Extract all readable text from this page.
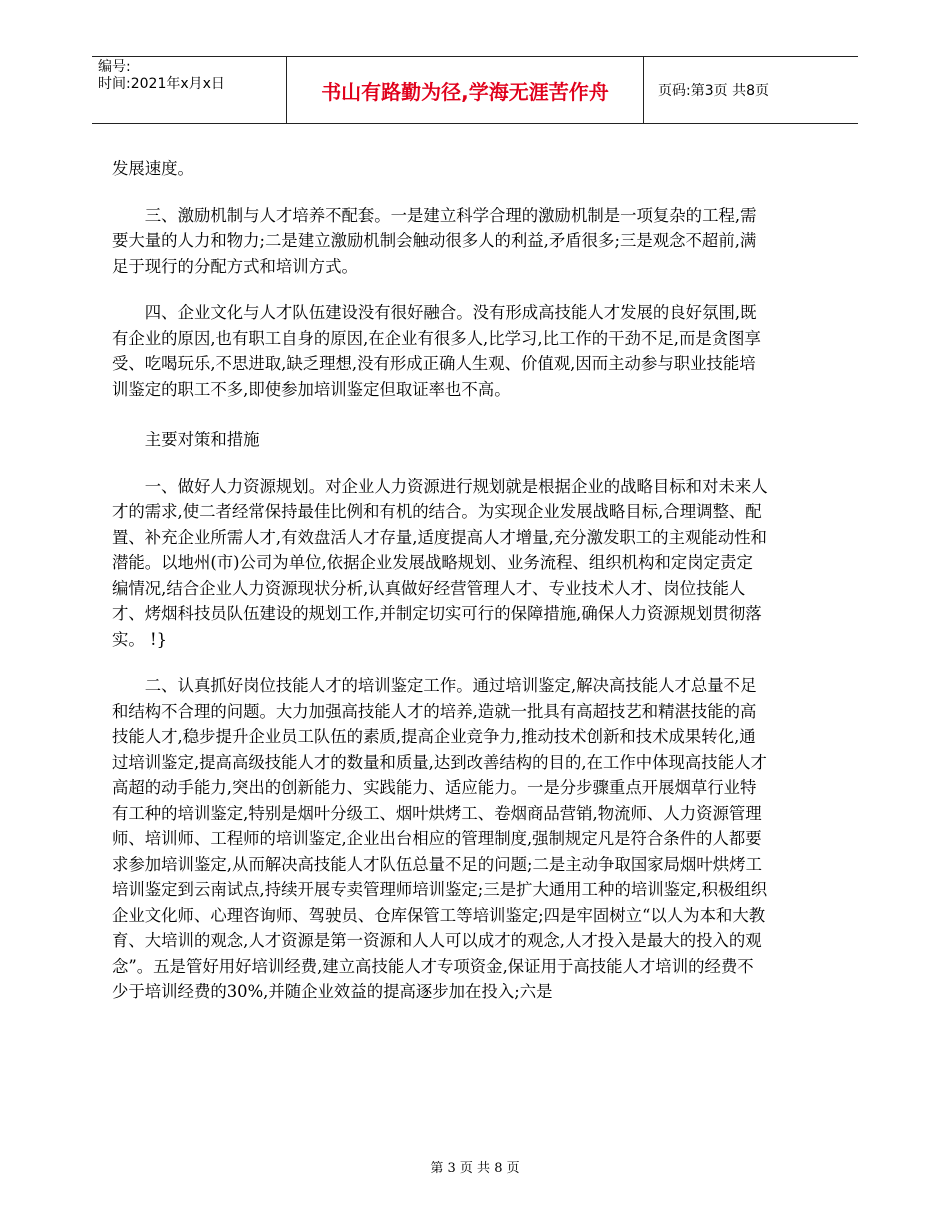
编号:
时间:2021年x月x日	书山有路勤为径,学海无涯苦作舟	页码:第3页 共8页

发展速度。

三、激励机制与人才培养不配套。一是建立科学合理的激励机制是一项复杂的工程,需要大量的人力和物力;二是建立激励机制会触动很多人的利益,矛盾很多;三是观念不超前,满足于现行的分配方式和培训方式。

四、企业文化与人才队伍建设没有很好融合。没有形成高技能人才发展的良好氛围,既有企业的原因,也有职工自身的原因,在企业有很多人,比学习,比工作的干劲不足,而是贪图享受、吃喝玩乐,不思进取,缺乏理想,没有形成正确人生观、价值观,因而主动参与职业技能培训鉴定的职工不多,即使参加培训鉴定但取证率也不高。

主要对策和措施

一、做好人力资源规划。对企业人力资源进行规划就是根据企业的战略目标和对未来人才的需求,使二者经常保持最佳比例和有机的结合。为实现企业发展战略目标,合理调整、配置、补充企业所需人才,有效盘活人才存量,适度提高人才增量,充分激发职工的主观能动性和潜能。以地州(市)公司为单位,依据企业发展战略规划、业务流程、组织机构和定岗定责定编情况,结合企业人力资源现状分析,认真做好经营管理人才、专业技术人才、岗位技能人才、烤烟科技员队伍建设的规划工作,并制定切实可行的保障措施,确保人力资源规划贯彻落实。 !}

二、认真抓好岗位技能人才的培训鉴定工作。通过培训鉴定,解决高技能人才总量不足和结构不合理的问题。大力加强高技能人才的培养,造就一批具有高超技艺和精湛技能的高技能人才,稳步提升企业员工队伍的素质,提高企业竞争力,推动技术创新和技术成果转化,通过培训鉴定,提高高级技能人才的数量和质量,达到改善结构的目的,在工作中体现高技能人才高超的动手能力,突出的创新能力、实践能力、适应能力。一是分步骤重点开展烟草行业特有工种的培训鉴定,特别是烟叶分级工、烟叶烘烤工、卷烟商品营销,物流师、人力资源管理师、培训师、工程师的培训鉴定,企业出台相应的管理制度,强制规定凡是符合条件的人都要求参加培训鉴定,从而解决高技能人才队伍总量不足的问题;二是主动争取国家局烟叶烘烤工培训鉴定到云南试点,持续开展专卖管理师培训鉴定;三是扩大通用工种的培训鉴定,积极组织企业文化师、心理咨询师、驾驶员、仓库保管工等培训鉴定;四是牢固树立“以人为本和大教育、大培训的观念,人才资源是第一资源和人人可以成才的观念,人才投入是最大的投入的观念”。五是管好用好培训经费,建立高技能人才专项资金,保证用于高技能人才培训的经费不少于培训经费的30%,并随企业效益的提高逐步加在投入;六是

第 3 页 共 8 页
